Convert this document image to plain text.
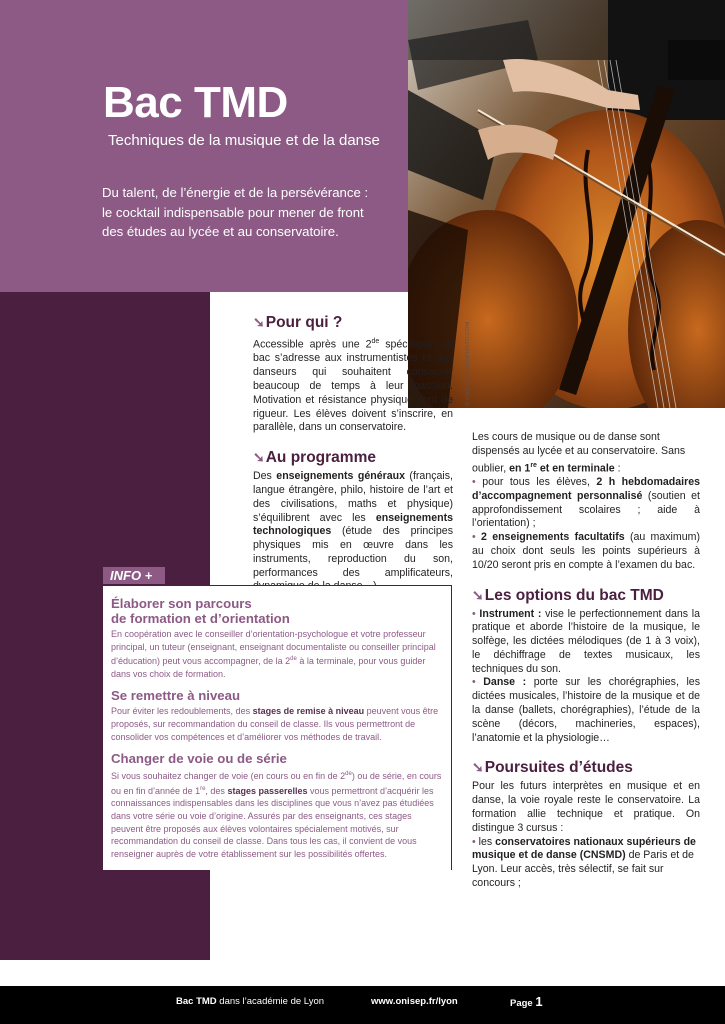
© CHOJA/ISTOCKPHOTO.COM
Bac TMD
Techniques de la musique et de la danse
Du talent, de l’énergie et de la persévérance :
le cocktail indispensable pour mener de front
des études au lycée et au conservatoire.
➘Pour qui ?
Accessible après une 2de spécifique, ce bac s’adresse aux instrumentistes et aux danseurs qui souhaitent consacrer beaucoup de temps à leur passion. Motivation et résistance physique sont de rigueur. Les élèves doivent s’inscrire, en parallèle, dans un conservatoire.
➘Au programme
Des enseignements généraux (français, langue étrangère, philo, histoire de l’art et des civilisations, maths et physique) s’équilibrent avec les enseignements technologiques (étude des principes physiques mis en œuvre dans les instruments, reproduction du son, performances des amplificateurs,
Les cours de musique ou de danse sont dispensés au lycée et au conservatoire. Sans oublier, en 1re et en terminale :
• pour tous les élèves, 2 h hebdomadaires d’accompagnement personnalisé (soutien et approfondissement scolaires ; aide à l’orientation) ;
• 2 enseignements facultatifs (au maximum) au choix dont seuls les points supérieurs à 10/20 seront pris en compte à l’examen du bac.
➘Les options du bac TMD
• Instrument : vise le perfectionnement dans la pratique et aborde l’histoire de la musique, le solfège, les dictées mélodiques (de 1 à 3 voix), le déchiffrage de textes musicaux, les techniques du son.
• Danse : porte sur les chorégraphies, les dictées musicales, l’histoire de la musique et de la danse (ballets, chorégraphies), l’étude de la scène (décors, machineries, espaces), l’anatomie et la physiologie…
➘Poursuites d’études
Pour les futurs interprètes en musique et en danse, la voie royale reste le conservatoire. La formation allie technique et pratique. On distingue 3 cursus :
• les conservatoires nationaux supérieurs de musique et de danse (CNSMD) de Paris et de Lyon. Leur accès, très sélectif, se fait sur concours ;
INFO +
Élaborer son parcours
de formation et d’orientation
En coopération avec le conseiller d’orientation-psychologue et votre professeur principal, un tuteur (enseignant, enseignant documentaliste ou conseiller principal d’éducation) peut vous accompagner, de la 2de à la terminale, pour vous guider dans vos choix de formation.
Se remettre à niveau
Pour éviter les redoublements, des stages de remise à niveau peuvent vous être proposés, sur recommandation du conseil de classe. Ils vous permettront de consolider vos compétences et d’améliorer vos méthodes de travail.
Changer de voie ou de série
Si vous souhaitez changer de voie (en cours ou en fin de 2de) ou de série, en cours ou en fin d’année de 1re, des stages passerelles vous permettront d’acquérir les connaissances indispensables dans les disciplines que vous n’avez pas étudiées dans votre série ou voie d’origine. Assurés par des enseignants, ces stages peuvent être proposés aux élèves volontaires spécialement motivés, sur recommandation du conseil de classe. Dans tous les cas, il convient de vous renseigner auprès de votre établissement sur les possibilités offertes.
Bac TMD dans l’académie de Lyon	www.onisep.fr/lyon	Page 1
